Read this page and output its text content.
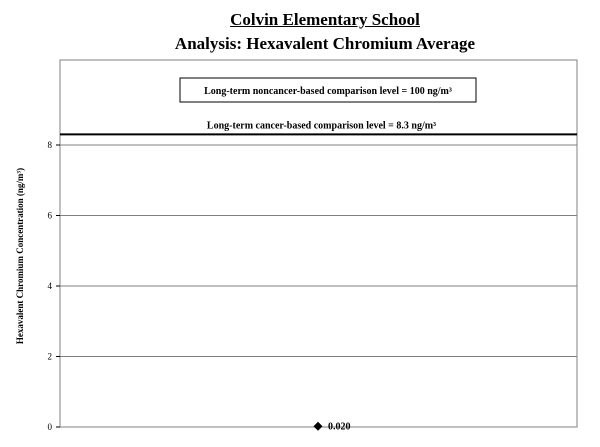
Colvin Elementary School
Analysis: Hexavalent Chromium Average
Hexavalent Chromium Concentration (ng/m³)
0
2
4
6
8
Long-term cancer-based comparison level = 8.3 ng/m³
Long-term noncancer-based comparison level = 100 ng/m³
0.020
